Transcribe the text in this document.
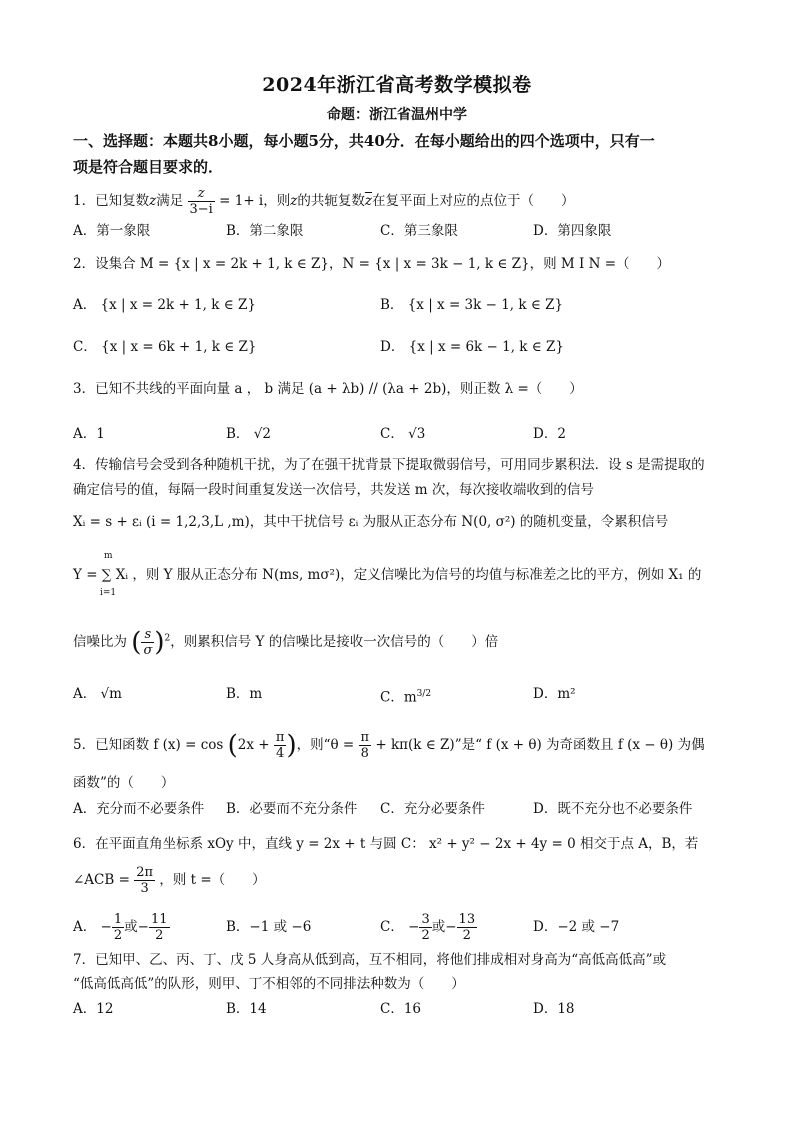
2024年浙江省高考数学模拟卷
命题：浙江省温州中学
一、选择题：本题共8小题，每小题5分，共40分．在每小题给出的四个选项中，只有一
项是符合题目要求的．
1．已知复数z满足 $\frac{z}{3-i} = 1+ i$，则z的共轭复数$\overline{z}$在复平面上对应的点位于（　　）
A．第一象限	B．第二象限	C．第三象限	D．第四象限
2．设集合 M = {x | x = 2k + 1, k ∈ Z}，N = {x | x = 3k − 1, k ∈ Z}，则 M I N =（　　）
A． {x | x = 2k + 1, k ∈ Z}	B． {x | x = 3k − 1, k ∈ Z}
C． {x | x = 6k + 1, k ∈ Z}	D． {x | x = 6k − 1, k ∈ Z}
3．已知不共线的平面向量 a ， b 满足 (a + λb) // (λa + 2b)，则正数 λ =（　　）
A．1	B． √2	C． √3	D．2
4．传输信号会受到各种随机干扰，为了在强干扰背景下提取微弱信号，可用同步累积法．设 s 是需提取的
确定信号的值，每隔一段时间重复发送一次信号，共发送 m 次，每次接收端收到的信号
Xᵢ = s + εᵢ (i = 1,2,3,L ,m)，其中干扰信号 εᵢ 为服从正态分布 N(0, σ²) 的随机变量，令累积信号
m
i=1
Y = ∑ Xᵢ ，则 Y 服从正态分布 N(ms, mσ²)，定义信噪比为信号的均值与标准差之比的平方，例如 X₁ 的
信噪比为 ( $\frac{s}{\sigma} )^2$，则累积信号 Y 的信噪比是接收一次信号的（　　）倍
A． √m	B．m	C．$m^{3/2}$	D．m²
5．已知函数 f $(x) = \cos (2x + \frac{\pi}{4}$ )，则“$\theta = \frac{\pi}{8} + k\pi(k$ ∈ Z)”是“ f (x + θ) 为奇函数且 f (x − θ) 为偶
函数”的（　　）
A．充分而不必要条件 B．必要而不充分条件 C．充分必要条件	D．既不充分也不必要条件
6．在平面直角坐标系 xOy 中，直线 y = 2x + t 与圆 C： x² + y² − 2x + 4y = 0 相交于点 A，B，若
∠ACB = $\frac{2\pi}{3}$ ，则 t =（　　）
A． − $\frac{1}{2}$ 或− $\frac{11}{2}$	B．−1 或 −6	C． − $\frac{3}{2}$ 或− $\frac{13}{2}$	D．−2 或 −7
7．已知甲、乙、丙、丁、戊 5 人身高从低到高，互不相同，将他们排成相对身高为“高低高低高”或
“低高低高低”的队形，则甲、丁不相邻的不同排法种数为（　　）
A．12	B．14	C．16	D．18
